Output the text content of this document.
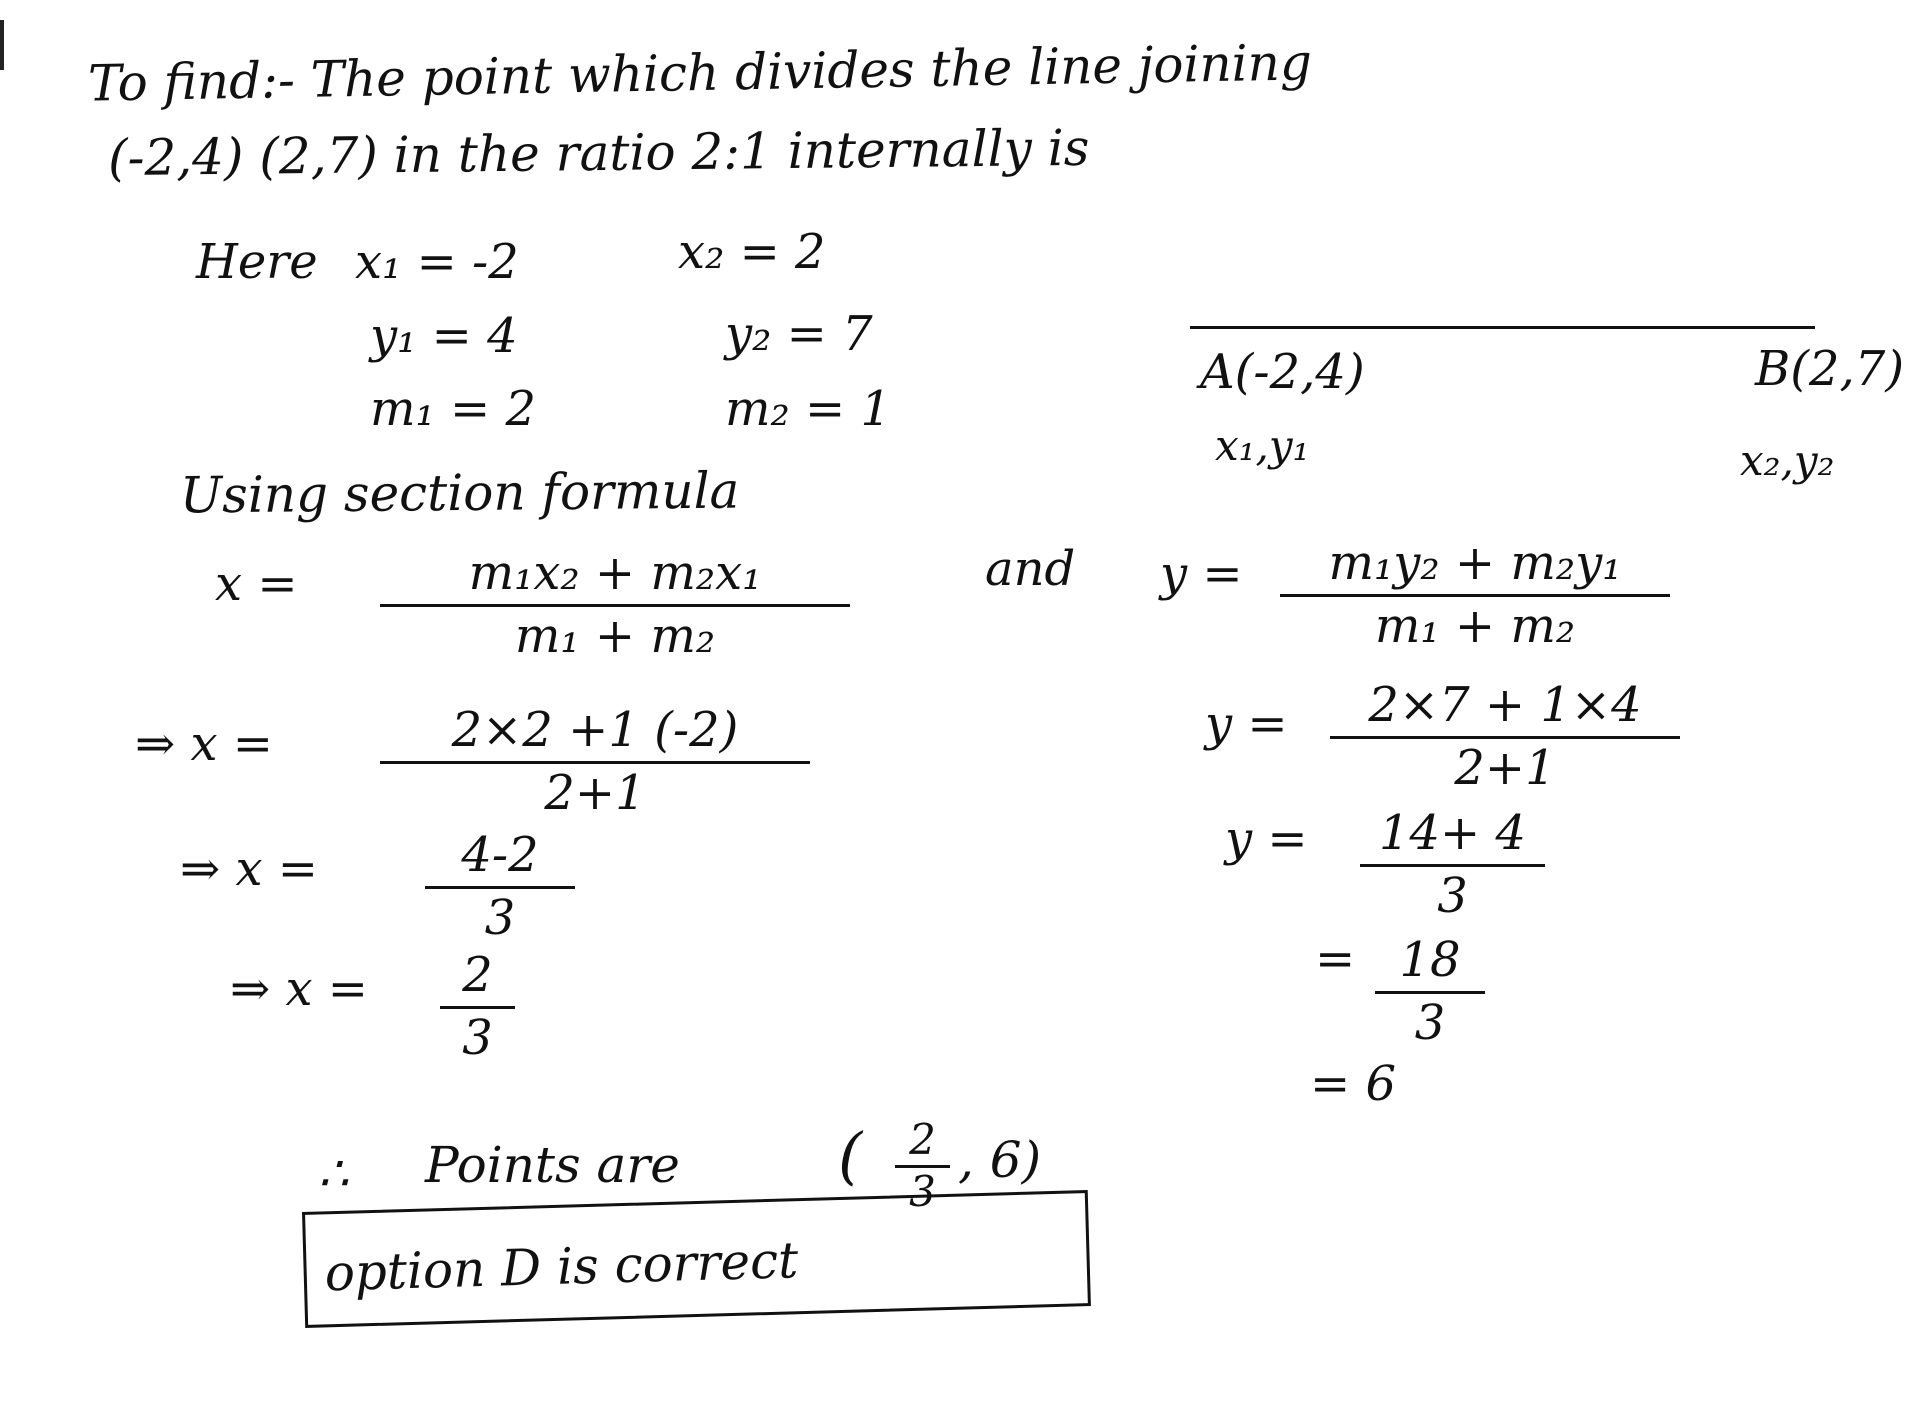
To find:- The point which divides the line joining
(-2,4) (2,7) in the ratio 2:1 internally is
Here x₁ = -2	x₂ = 2
y₁ = 4	y₂ = 7
m₁ = 2	m₂ = 1
A(-2,4)	B(2,7)
x₁,y₁	x₂,y₂
Using section formula
x =	m₁x₂ + m₂x₁
m₁ + m₂
and y = m₁y₂ + m₂y₁
m₁ + m₂
⇒ x =	2×2 +1 (-2)
2+1
y = 2×7 + 1×4
2+1
⇒ x =	4-2
3
y = 14+ 4
3
⇒ x = 2
3
= 18
3
= 6
∴ Points are	( 2
3
, 6)
option D is correct
